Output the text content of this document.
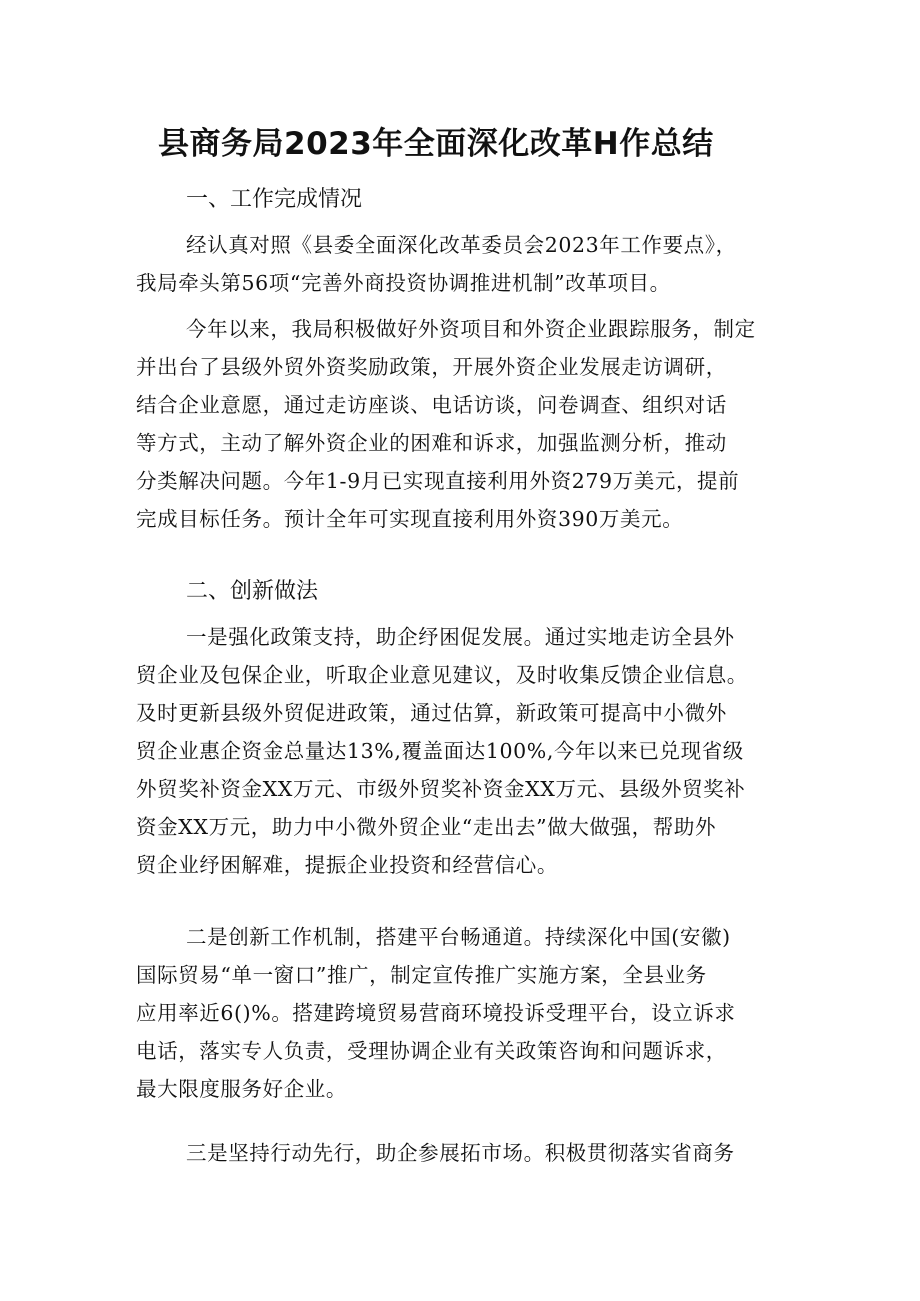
县商务局2023年全面深化改革H作总结
一、工作完成情况

经认真对照《县委全面深化改革委员会2023年工作要点》，
我局牵头第56项“完善外商投资协调推进机制”改革项目。

今年以来，我局积极做好外资项目和外资企业跟踪服务，制定
并出台了县级外贸外资奖励政策，开展外资企业发展走访调研，
结合企业意愿，通过走访座谈、电话访谈，问卷调查、组织对话
等方式，主动了解外资企业的困难和诉求，加强监测分析，推动
分类解决问题。今年1-9月已实现直接利用外资279万美元，提前
完成目标任务。预计全年可实现直接利用外资390万美元。

二、创新做法

一是强化政策支持，助企纾困促发展。通过实地走访全县外
贸企业及包保企业，听取企业意见建议，及时收集反馈企业信息。
及时更新县级外贸促进政策，通过估算，新政策可提高中小微外
贸企业惠企资金总量达13%,覆盖面达100%,今年以来已兑现省级
外贸奖补资金XX万元、市级外贸奖补资金XX万元、县级外贸奖补
资金XX万元，助力中小微外贸企业“走出去”做大做强，帮助外
贸企业纾困解难，提振企业投资和经营信心。

二是创新工作机制，搭建平台畅通道。持续深化中国(安徽)
国际贸易“单一窗口”推广，制定宣传推广实施方案，全县业务
应用率近6()%。搭建跨境贸易营商环境投诉受理平台，设立诉求
电话，落实专人负责，受理协调企业有关政策咨询和问题诉求，
最大限度服务好企业。

三是坚持行动先行，助企参展拓市场。积极贯彻落实省商务
